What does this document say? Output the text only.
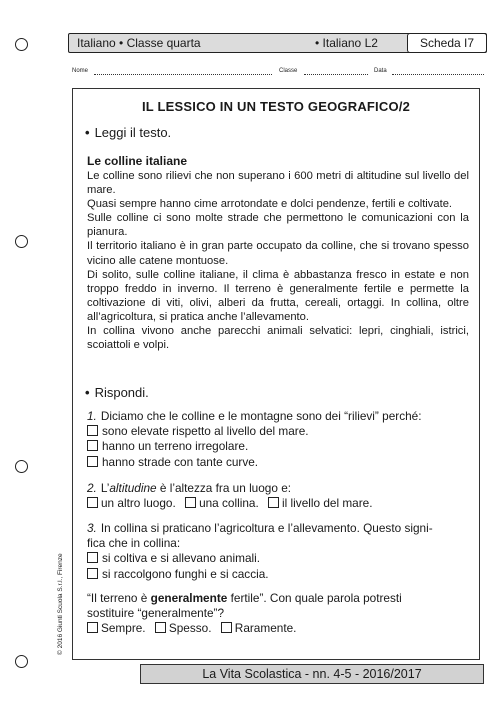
Italiano • Classe quarta	• Italiano L2	Scheda I7
Nome	Classe	Data
IL LESSICO IN UN TESTO GEOGRAFICO/2
• Leggi il testo.
Le colline italiane

Le colline sono rilievi che non superano i 600 metri di altitudine sul livello del mare.

Quasi sempre hanno cime arrotondate e dolci pendenze, fertili e coltivate.

Sulle colline ci sono molte strade che permettono le comunicazioni con la pianura.

Il territorio italiano è in gran parte occupato da colline, che si trovano spesso vicino alle catene montuose.

Di solito, sulle colline italiane, il clima è abbastanza fresco in estate e non troppo freddo in inverno. Il terreno è generalmente fertile e permette la coltivazione di viti, olivi, alberi da frutta, cereali, ortaggi. In collina, oltre all’agricoltura, si pratica anche l’allevamento.

In collina vivono anche parecchi animali selvatici: lepri, cinghiali, istrici, scoiattoli e volpi.

• Rispondi.
1. Diciamo che le colline e le montagne sono dei “rilievi” perché:
sono elevate rispetto al livello del mare.
hanno un terreno irregolare.
hanno strade con tante curve.
2. L’altitudine è l’altezza fra un luogo e:
un altro luogo. una collina. il livello del mare.
3. In collina si praticano l’agricoltura e l’allevamento. Questo signi-
fica che in collina:
si coltiva e si allevano animali.
si raccolgono funghi e si caccia.
“Il terreno è generalmente fertile”. Con quale parola potresti
sostituire “generalmente”?
Sempre. Spesso. Raramente.
© 2016 Giunti Scuola S.r.l., Firenze
La Vita Scolastica - nn. 4-5 - 2016/2017
